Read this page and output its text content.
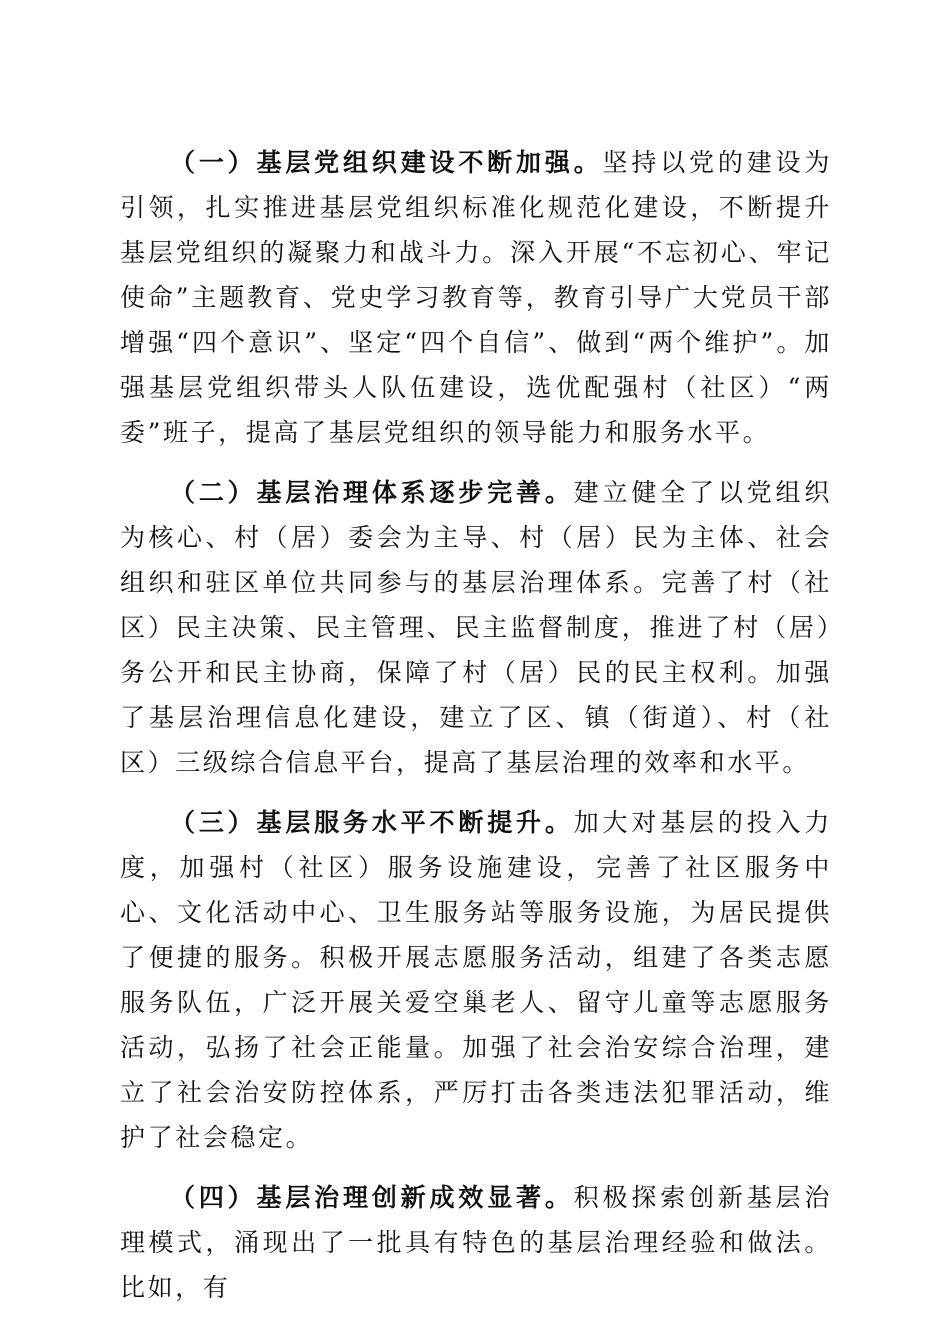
（一）基层党组织建设不断加强。坚持以党的建设为引领，扎实推进基层党组织标准化规范化建设，不断提升基层党组织的凝聚力和战斗力。深入开展“不忘初心、牢记使命”主题教育、党史学习教育等，教育引导广大党员干部增强“四个意识”、坚定“四个自信”、做到“两个维护”。加强基层党组织带头人队伍建设，选优配强村（社区）“两委”班子，提高了基层党组织的领导能力和服务水平。

（二）基层治理体系逐步完善。建立健全了以党组织为核心、村（居）委会为主导、村（居）民为主体、社会组织和驻区单位共同参与的基层治理体系。完善了村（社区）民主决策、民主管理、民主监督制度，推进了村（居）务公开和民主协商，保障了村（居）民的民主权利。加强了基层治理信息化建设，建立了区、镇（街道）、村（社区）三级综合信息平台，提高了基层治理的效率和水平。

（三）基层服务水平不断提升。加大对基层的投入力度，加强村（社区）服务设施建设，完善了社区服务中心、文化活动中心、卫生服务站等服务设施，为居民提供了便捷的服务。积极开展志愿服务活动，组建了各类志愿服务队伍，广泛开展关爱空巢老人、留守儿童等志愿服务活动，弘扬了社会正能量。加强了社会治安综合治理，建立了社会治安防控体系，严厉打击各类违法犯罪活动，维护了社会稳定。

（四）基层治理创新成效显著。积极探索创新基层治理模式，涌现出了一批具有特色的基层治理经验和做法。比如，有
